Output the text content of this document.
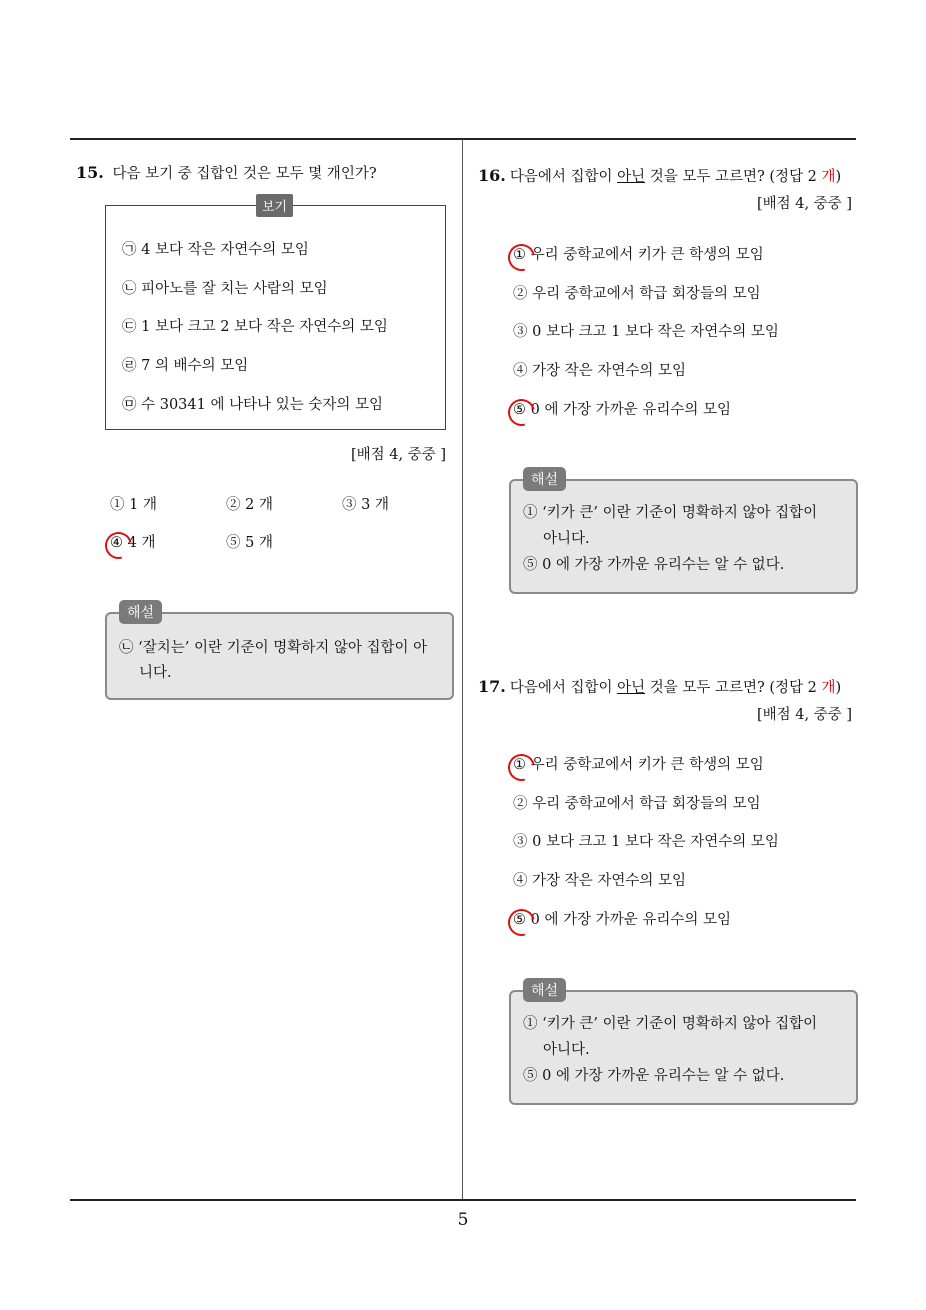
15. 다음 보기 중 집합인 것은 모두 몇 개인가?
보기
㉠ 4 보다 작은 자연수의 모임
㉡ 피아노를 잘 치는 사람의 모임
㉢ 1 보다 크고 2 보다 작은 자연수의 모임
㉣ 7 의 배수의 모임
㉤ 수 30341 에 나타나 있는 숫자의 모임
[배점 4, 중중 ]
① 1 개	② 2 개	③ 3 개
④ 4 개	⑤ 5 개
해설
㉡ ‘잘치는’ 이란 기준이 명확하지 않아 집합이 아
니다.
16. 다음에서 집합이 아닌 것을 모두 고르면? (정답 2 개)
[배점 4, 중중 ]
① 우리 중학교에서 키가 큰 학생의 모임
② 우리 중학교에서 학급 회장들의 모임
③ 0 보다 크고 1 보다 작은 자연수의 모임
④ 가장 작은 자연수의 모임
⑤ 0 에 가장 가까운 유리수의 모임
해설
① ‘키가 큰’ 이란 기준이 명확하지 않아 집합이
아니다.
⑤ 0 에 가장 가까운 유리수는 알 수 없다.
17. 다음에서 집합이 아닌 것을 모두 고르면? (정답 2 개)
[배점 4, 중중 ]
① 우리 중학교에서 키가 큰 학생의 모임
② 우리 중학교에서 학급 회장들의 모임
③ 0 보다 크고 1 보다 작은 자연수의 모임
④ 가장 작은 자연수의 모임
⑤ 0 에 가장 가까운 유리수의 모임
해설
① ‘키가 큰’ 이란 기준이 명확하지 않아 집합이
아니다.
⑤ 0 에 가장 가까운 유리수는 알 수 없다.
5
